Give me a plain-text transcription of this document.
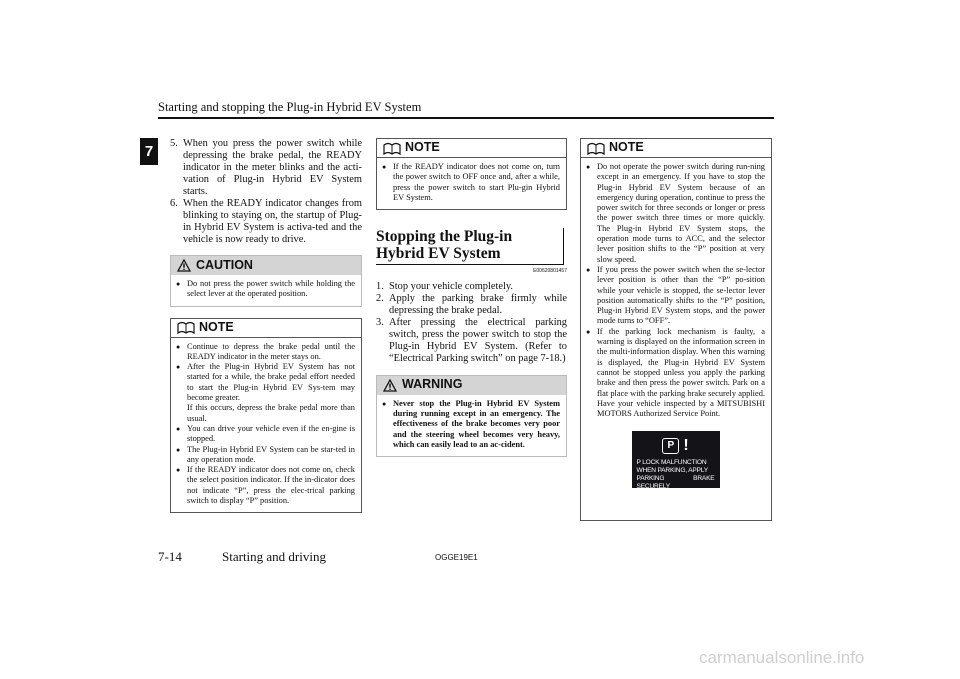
Starting and stopping the Plug-in Hybrid EV System
7	5. When you press the power switch while depressing the brake pedal, the READY indicator in the meter blinks and the acti-vation of Plug-in Hybrid EV System starts.
6. When the READY indicator changes from blinking to staying on, the startup of Plug-in Hybrid EV System is activa-ted and the vehicle is now ready to drive.
CAUTION
● Do not press the power switch while holding the select lever at the operated position.
NOTE
● Continue to depress the brake pedal until the READY indicator in the meter stays on.
● After the Plug-in Hybrid EV System has not started for a while, the brake pedal effort needed to start the Plug-in Hybrid EV Sys-tem may become greater.
If this occurs, depress the brake pedal more than usual.
● You can drive your vehicle even if the en-gine is stopped.
● The Plug-in Hybrid EV System can be star-ted in any operation mode.
● If the READY indicator does not come on, check the select position indicator. If the in-dicator does not indicate “P”, press the elec-trical parking switch to display “P” position.
NOTE
● If the READY indicator does not come on, turn the power switch to OFF once and, after a while, press the power switch to start Plu-gin Hybrid EV System.
Stopping the Plug-in Hybrid EV System
E00620801457
1. Stop your vehicle completely.
2. Apply the parking brake firmly while depressing the brake pedal.
3. After pressing the electrical parking switch, press the power switch to stop the Plug-in Hybrid EV System. (Refer to “Electrical Parking switch” on page 7-18.)
WARNING
● Never stop the Plug-in Hybrid EV System during running except in an emergency. The effectiveness of the brake becomes very poor and the steering wheel becomes very heavy, which can easily lead to an ac-cident.
NOTE
● Do not operate the power switch during run-ning except in an emergency. If you have to stop the Plug-in Hybrid EV System because of an emergency during operation, continue to press the power switch for three seconds or longer or press the power switch three times or more quickly. The Plug-in Hybrid EV System stops, the operation mode turns to ACC, and the selector lever position shifts to the “P” position at very slow speed.
● If you press the power switch when the se-lector lever position is other than the “P” po-sition while your vehicle is stopped, the se-lector lever position automatically shifts to the “P” position, Plug-in Hybrid EV System stops, and the power mode turns to “OFF”.
● If the parking lock mechanism is faulty, a warning is displayed on the information screen in the multi-information display. When this warning is displayed, the Plug-in Hybrid EV System cannot be stopped unless you apply the parking brake and then press the power switch. Park on a flat place with the parking brake securely applied. Have your vehicle inspected by a MITSUBISHI MOTORS Authorized Service Point.
P !
P LOCK MALFUNCTION
WHEN PARKING, APPLY
PARKING BRAKE SECURELY
7-14	Starting and driving	OGGE19E1
carmanualsonline.info
